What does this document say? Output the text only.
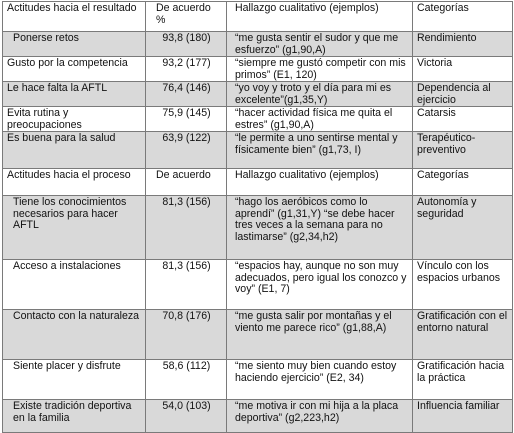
Actitudes hacia el resultado	De acuerdo %	Hallazgo cualitativo (ejemplos)	Categorías
Ponerse retos	93,8 (180)	“me gusta sentir el sudor y que me esfuerzo” (g1,90,A)	Rendimiento
Gusto por la competencia	93,2 (177)	“siempre me gustó competir con mis primos” (E1, 120)	Victoria
Le hace falta la AFTL	76,4 (146)	“yo voy y troto y el día para mi es excelente”(g1,35,Y)	Dependencia al ejercicio
Evita rutina y preocupaciones	75,9 (145)	“hacer actividad física me quita el estres” (g1,90,A)	Catarsis
Es buena para la salud	63,9 (122)	“le permite a uno sentirse mental y físicamente bien” (g1,73, I)	Terapéutico-preventivo
Actitudes hacia el proceso	De acuerdo	Hallazgo cualitativo (ejemplos)	Categorías
Tiene los conocimientos necesarios para hacer AFTL	81,3 (156)	“hago los aeróbicos como lo aprendí” (g1,31,Y) “se debe hacer tres veces a la semana para no lastimarse” (g2,34,h2)	Autonomía y seguridad
Acceso a instalaciones	81,3 (156)	“espacios hay, aunque no son muy adecuados, pero igual los conozco y voy” (E1, 7)	Vínculo con los espacios urbanos
Contacto con la naturaleza	70,8 (176)	“me gusta salir por montañas y el viento me parece rico” (g1,88,A)	Gratificación con el entorno natural
Siente placer y disfrute	58,6 (112)	“me siento muy bien cuando estoy haciendo ejercicio” (E2, 34)	Gratificación hacia la práctica
Existe tradición deportiva en la familia	54,0 (103)	“me motiva ir con mi hija a la placa deportiva” (g2,223,h2)	Influencia familiar
